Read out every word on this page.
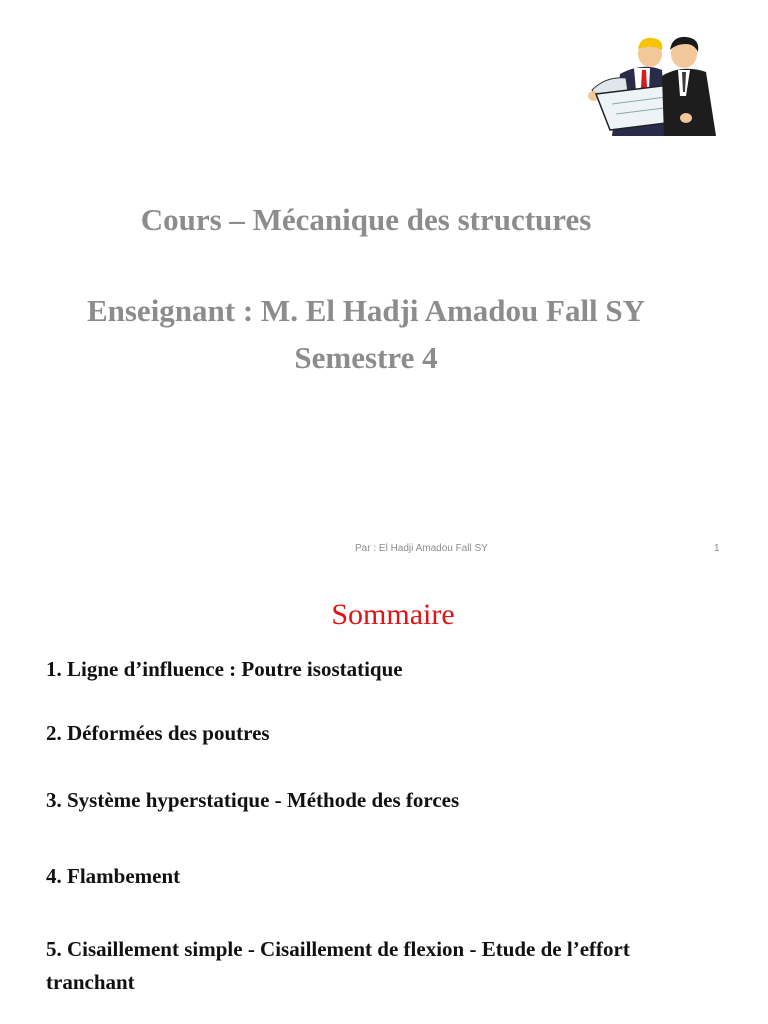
Cours – Mécanique des structures
Enseignant : M. El Hadji Amadou Fall SY
Semestre 4
Par : El Hadji Amadou Fall SY	1
Sommaire

1. Ligne d’influence : Poutre isostatique

2. Déformées des poutres

3. Système hyperstatique - Méthode des forces

4. Flambement

5. Cisaillement simple - Cisaillement de flexion - Etude de l’effort tranchant
